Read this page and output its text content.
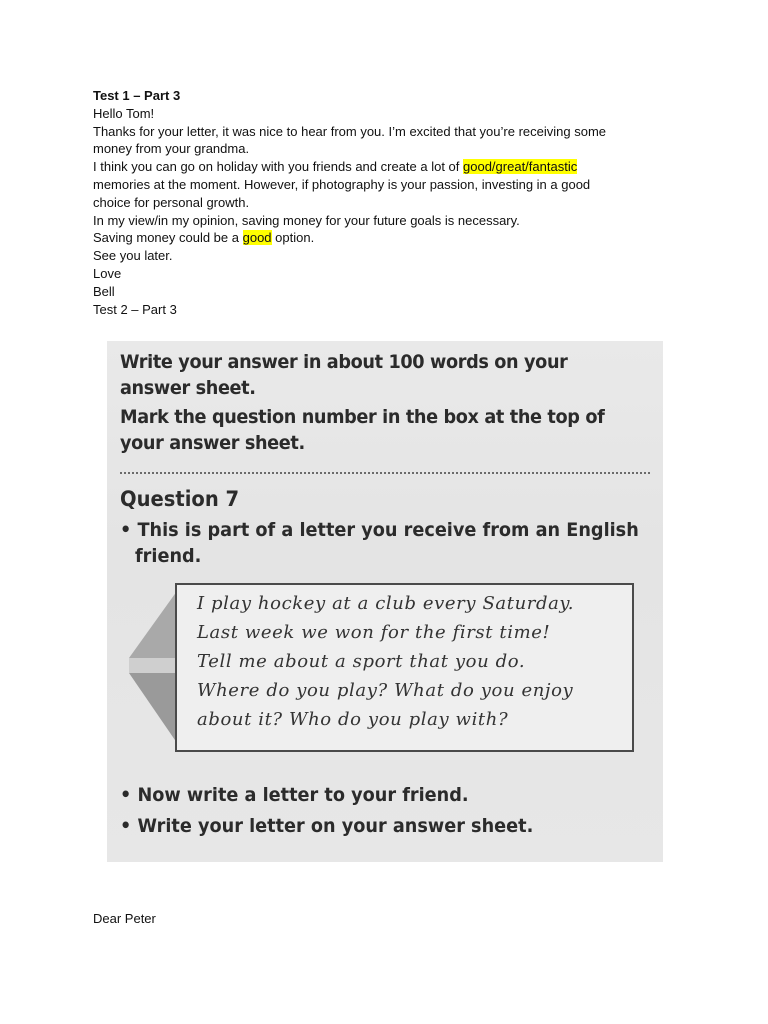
Test 1 – Part 3

Hello Tom!

Thanks for your letter, it was nice to hear from you. I’m excited that you’re receiving some

money from your grandma.

I think you can go on holiday with you friends and create a lot of good/great/fantastic

memories at the moment. However, if photography is your passion, investing in a good

choice for personal growth.

In my view/in my opinion, saving money for your future goals is necessary.

Saving money could be a good option.

See you later.

Love

Bell

Test 2 – Part 3

Write your answer in about 100 words on your
answer sheet.
Mark the question number in the box at the top of
your answer sheet.
Question 7
• This is part of a letter you receive from an English
friend.
I play hockey at a club every Saturday.
Last week we won for the first time!
Tell me about a sport that you do.
Where do you play? What do you enjoy
about it? Who do you play with?
• Now write a letter to your friend.
• Write your letter on your answer sheet.
Dear Peter
